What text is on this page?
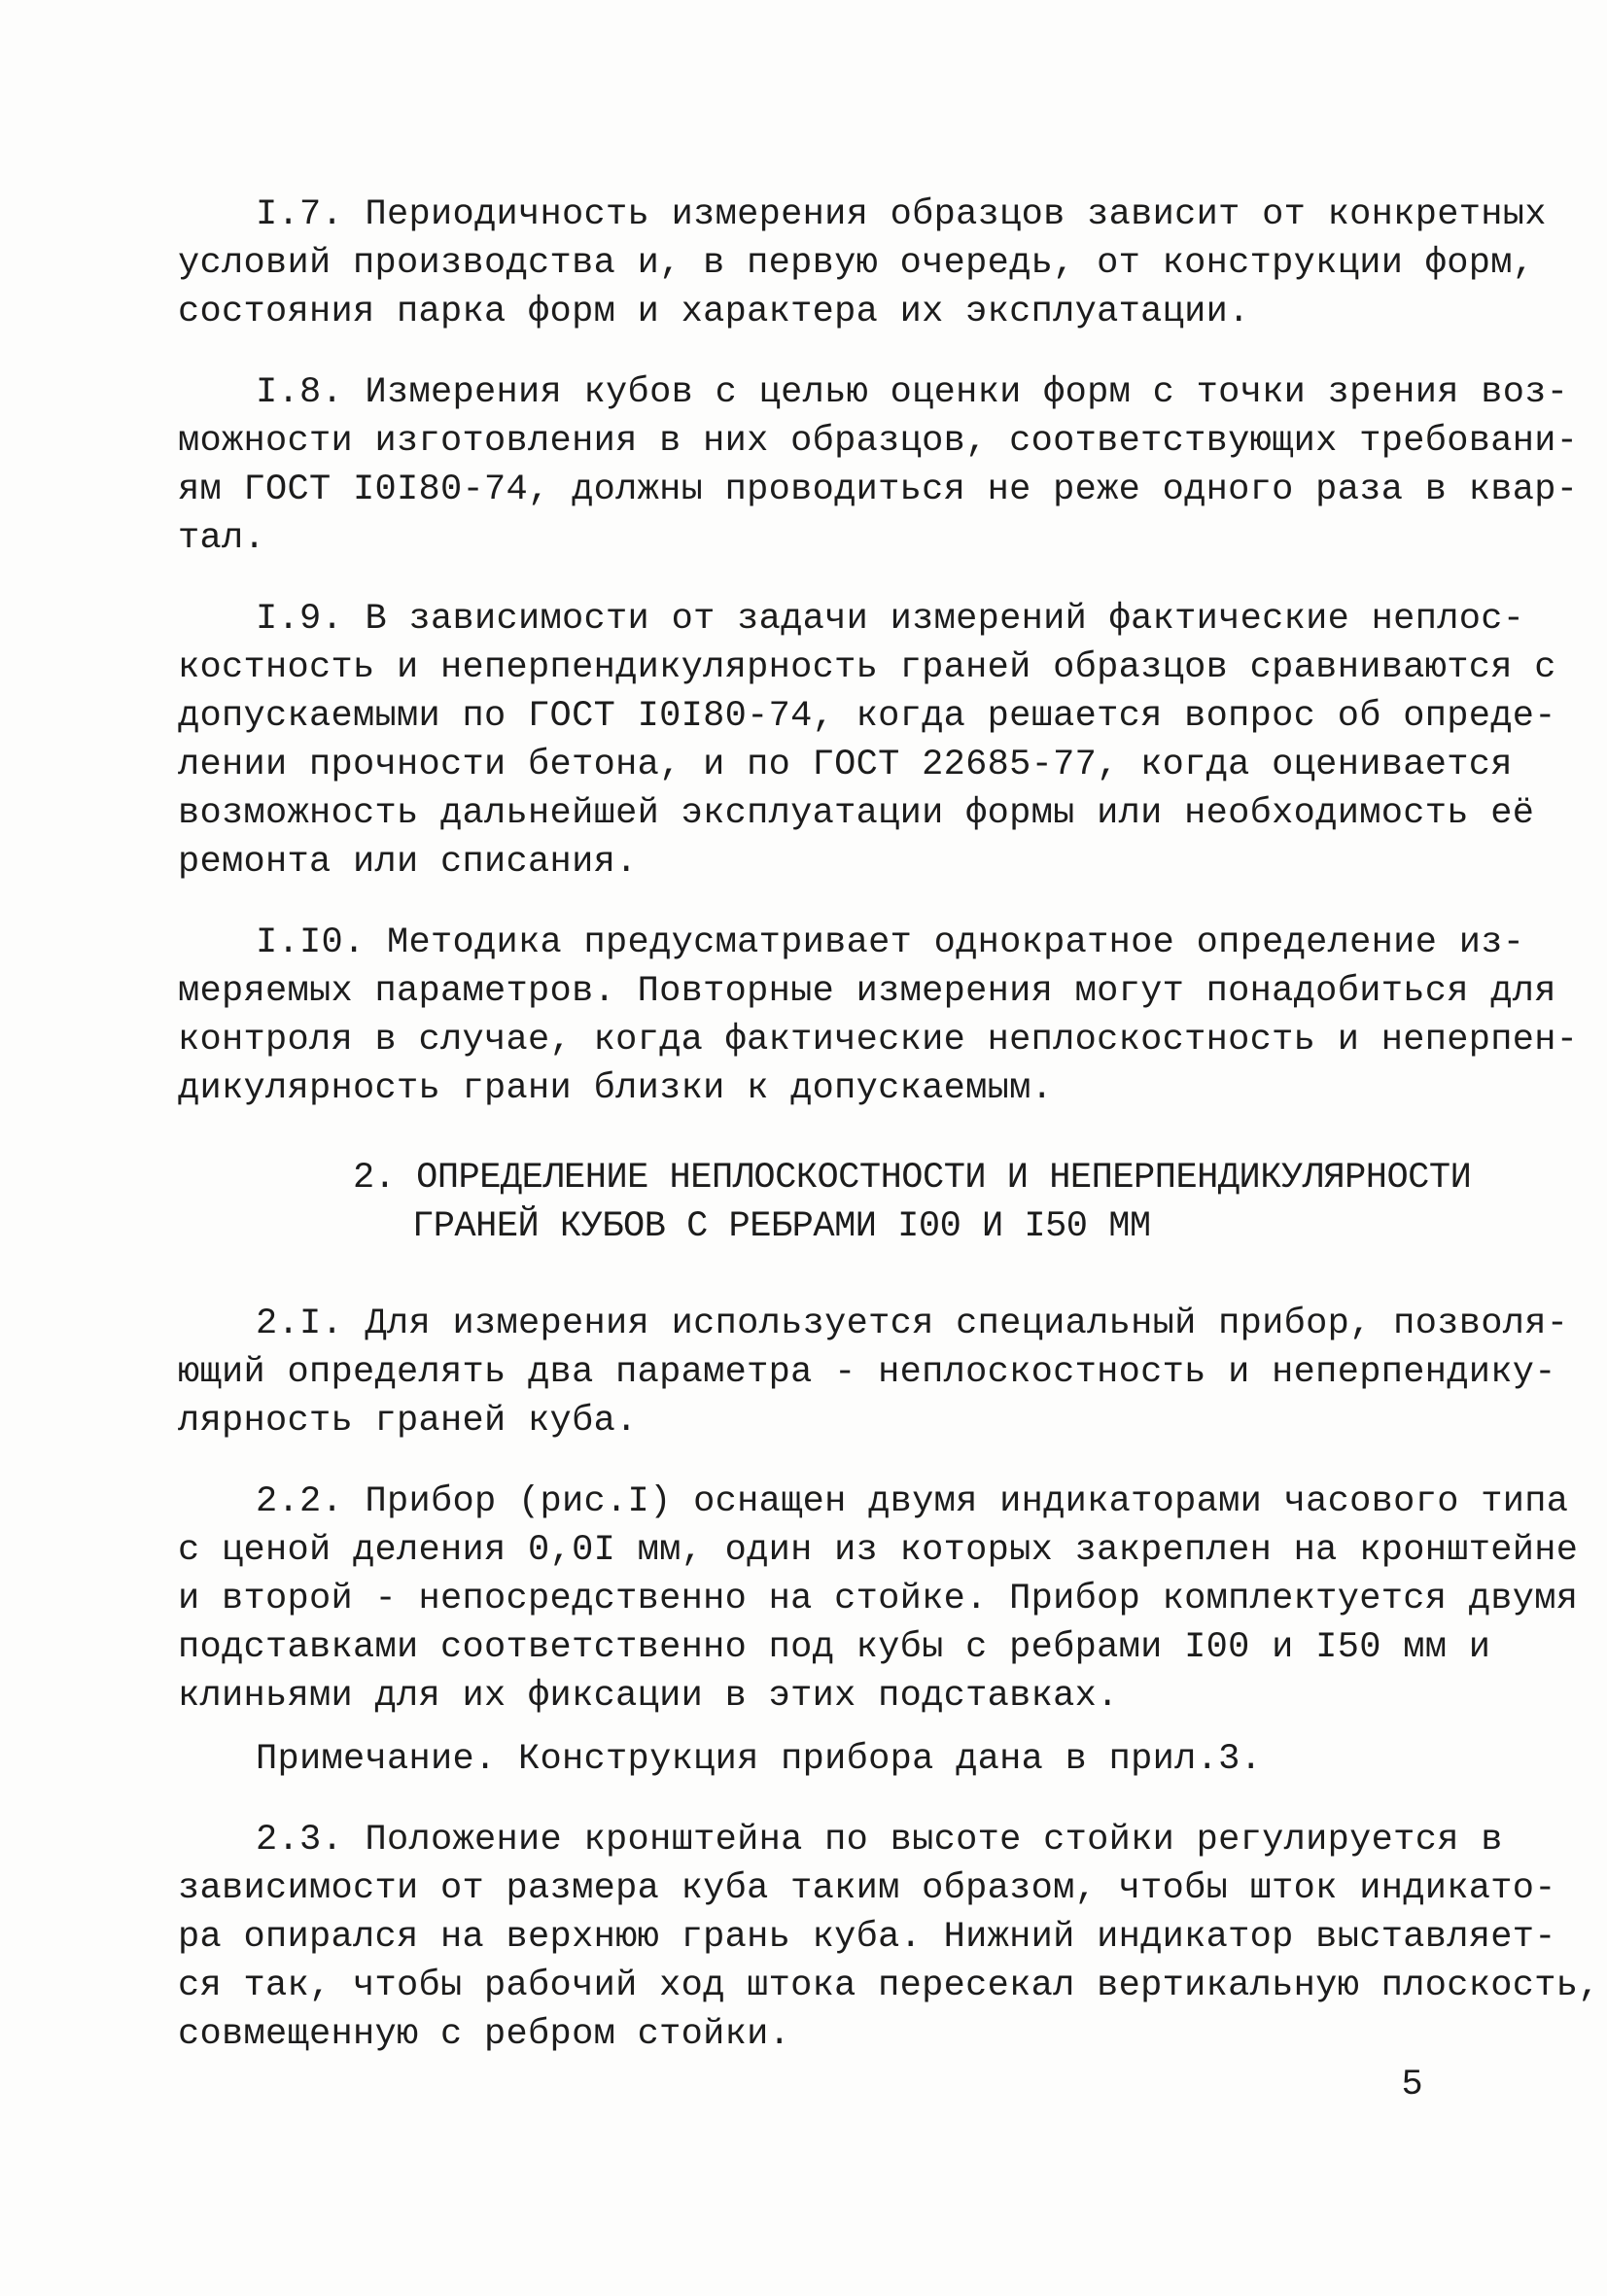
I.7. Периодичность измерения образцов зависит от конкретных
условий производства и, в первую очередь, от конструкции форм,
состояния парка форм и характера их эксплуатации.
I.8. Измерения кубов с целью оценки форм с точки зрения воз-
можности изготовления в них образцов, соответствующих требовани-
ям ГОСТ I0I80-74, должны проводиться не реже одного раза в квар-
тал.
I.9. В зависимости от задачи измерений фактические неплос-
костность и неперпендикулярность граней образцов сравниваются с
допускаемыми по ГОСТ I0I80-74, когда решается вопрос об опреде-
лении прочности бетона, и по ГОСТ 22685-77, когда оценивается
возможность дальнейшей эксплуатации формы или необходимость её
ремонта или списания.
I.I0. Методика предусматривает однократное определение из-
меряемых параметров. Повторные измерения могут понадобиться для
контроля в случае, когда фактические неплоскостность и неперпен-
дикулярность грани близки к допускаемым.
2. ОПРЕДЕЛЕНИЕ НЕПЛОСКОСТНОСТИ И НЕПЕРПЕНДИКУЛЯРНОСТИ
ГРАНЕЙ КУБОВ С РЕБРАМИ I00 И I50 ММ
2.I. Для измерения используется специальный прибор, позволя-
ющий определять два параметра - неплоскостность и неперпендику-
лярность граней куба.
2.2. Прибор (рис.I) оснащен двумя индикаторами часового типа
с ценой деления 0,0I мм, один из которых закреплен на кронштейне
и второй - непосредственно на стойке. Прибор комплектуется двумя
подставками соответственно под кубы с ребрами I00 и I50 мм и
клиньями для их фиксации в этих подставках.
Примечание. Конструкция прибора дана в прил.3.
2.3. Положение кронштейна по высоте стойки регулируется в
зависимости от размера куба таким образом, чтобы шток индикато-
ра опирался на верхнюю грань куба. Нижний индикатор выставляет-
ся так, чтобы рабочий ход штока пересекал вертикальную плоскость,
совмещенную с ребром стойки.
5
